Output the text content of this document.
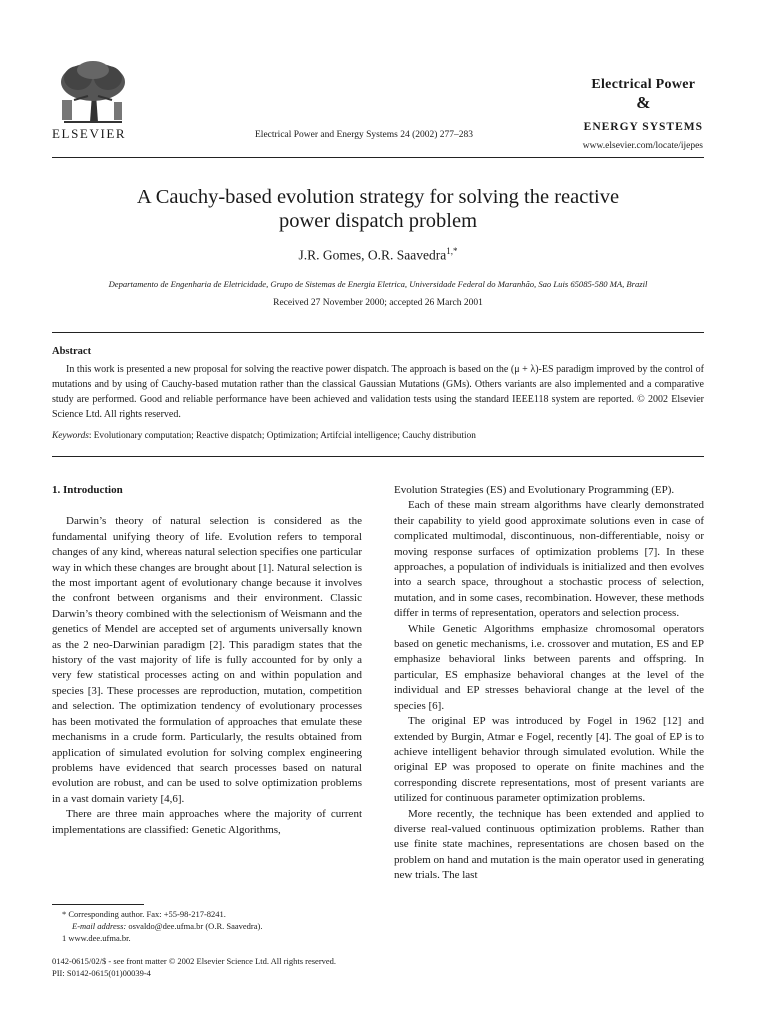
ELSEVIER	Electrical Power and Energy Systems 24 (2002) 277–283
Electrical Power
&
ENERGY SYSTEMS
www.elsevier.com/locate/ijepes
A Cauchy-based evolution strategy for solving the reactive
power dispatch problem
J.R. Gomes, O.R. Saavedra$^{1,*}$
Departamento de Engenharia de Eletricidade, Grupo de Sistemas de Energia Eletrica, Universidade Federal do Maranhão, Sao Luis 65085-580 MA, Brazil
Received 27 November 2000; accepted 26 March 2001
Abstract
In this work is presented a new proposal for solving the reactive power dispatch. The approach is based on the (μ + λ)-ES paradigm improved by the control of mutations and by using of Cauchy-based mutation rather than the classical Gaussian Mutations (GMs). Others variants are also implemented and a comparative study are performed. Good and reliable performance have been achieved and validation tests using the standard IEEE118 system are reported. © 2002 Elsevier Science Ltd. All rights reserved.
Keywords: Evolutionary computation; Reactive dispatch; Optimization; Artifcial intelligence; Cauchy distribution
1. Introduction

Darwin’s theory of natural selection is considered as the fundamental unifying theory of life. Evolution refers to temporal changes of any kind, whereas natural selection specifies one particular way in which these changes are brought about [1]. Natural selection is the most important agent of evolutionary change because it involves the confront between organisms and their environment. Classic Darwin’s theory combined with the selectionism of Weismann and the genetics of Mendel are accepted set of arguments universally known as the 2 neo-Darwinian paradigm [2]. This paradigm states that the history of the vast majority of life is fully accounted for by only a very few statistical processes acting on and within population and species [3]. These processes are reproduction, mutation, competition and selection. The optimization tendency of evolutionary processes has been motivated the formulation of approaches that emulate these mechanisms in a crude form. Particularly, the results obtained from application of simulated evolution for solving complex engineering problems have evidenced that search processes based on natural evolution are robust, and can be used to solve optimization problems in a vast domain variety [4,6].

There are three main approaches where the majority of current implementations are classified: Genetic Algorithms,

Evolution Strategies (ES) and Evolutionary Programming (EP).

Each of these main stream algorithms have clearly demonstrated their capability to yield good approximate solutions even in case of complicated multimodal, discontinuous, non-differentiable, noisy or moving response surfaces of optimization problems [7]. In these approaches, a population of individuals is initialized and then evolves into a search space, throughout a stochastic process of selection, mutation, and in some cases, recombination. However, these methods differ in terms of representation, operators and selection process.

While Genetic Algorithms emphasize chromosomal operators based on genetic mechanisms, i.e. crossover and mutation, ES and EP emphasize behavioral links between parents and offspring. In particular, ES emphasize behavioral changes at the level of the individual and EP stresses behavioral change at the level of the species [6].

The original EP was introduced by Fogel in 1962 [12] and extended by Burgin, Atmar e Fogel, recently [4]. The goal of EP is to achieve intelligent behavior through simulated evolution. While the original EP was proposed to operate on finite machines and the corresponding discrete representations, most of present variants are utilized for continuous parameter optimization problems.

More recently, the technique has been extended and applied to diverse real-valued continuous optimization problems. Rather than use finite state machines, representations are chosen based on the problem on hand and mutation is the main operator used in generating new trials. The last

* Corresponding author. Fax: +55-98-217-8241.
E-mail address: osvaldo@dee.ufma.br (O.R. Saavedra).
1 www.dee.ufma.br.
0142-0615/02/$ - see front matter © 2002 Elsevier Science Ltd. All rights reserved.
PII: S0142-0615(01)00039-4
